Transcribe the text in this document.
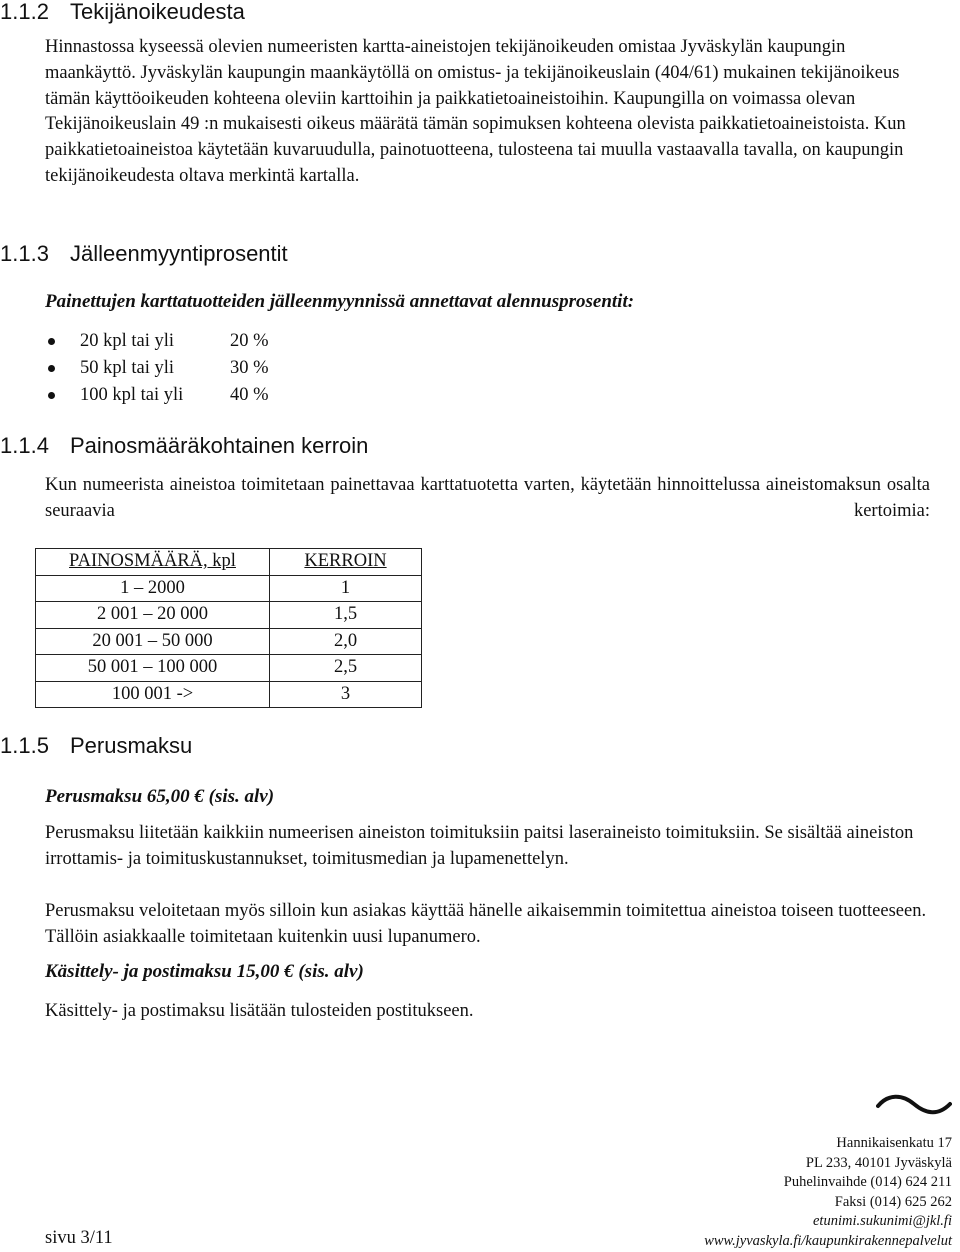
1.1.2 Tekijänoikeudesta

Hinnastossa kyseessä olevien numeeristen kartta-aineistojen tekijänoikeuden omistaa Jyväskylän kaupungin maankäyttö. Jyväskylän kaupungin maankäytöllä on omistus- ja tekijänoikeuslain (404/61) mukainen tekijänoikeus tämän käyttöoikeuden kohteena oleviin karttoihin ja paikkatietoaineistoihin. Kaupungilla on voimassa olevan Tekijänoikeuslain 49 :n mukaisesti oikeus määrätä tämän sopimuksen kohteena olevista paikkatietoaineistoista. Kun paikkatietoaineistoa käytetään kuvaruudulla, painotuotteena, tulosteena tai muulla vastaavalla tavalla, on kaupungin tekijänoikeudesta oltava merkintä kartalla.

1.1.3 Jälleenmyyntiprosentit

Painettujen karttatuotteiden jälleenmyynnissä annettavat alennusprosentit:

20 kpl tai yli	20 %
50 kpl tai yli	30 %
100 kpl tai yli	40 %
1.1.4 Painosmääräkohtainen kerroin

Kun numeerista aineistoa toimitetaan painettavaa karttatuotetta varten, käytetään hinnoittelussa aineistomaksun osalta seuraavia kertoimia:

PAINOSMÄÄRÄ, kpl	KERROIN
1 – 2000	1
2 001 – 20 000	1,5
20 001 – 50 000	2,0
50 001 – 100 000	2,5
100 001 ->	3
1.1.5 Perusmaksu

Perusmaksu 65,00 € (sis. alv)

Perusmaksu liitetään kaikkiin numeerisen aineiston toimituksiin paitsi laseraineisto toimituksiin. Se sisältää aineiston irrottamis- ja toimituskustannukset, toimitusmedian ja lupamenettelyn.

Perusmaksu veloitetaan myös silloin kun asiakas käyttää hänelle aikaisemmin toimitettua aineistoa toiseen tuotteeseen. Tällöin asiakkaalle toimitetaan kuitenkin uusi lupanumero.

Käsittely- ja postimaksu 15,00 € (sis. alv)

Käsittely- ja postimaksu lisätään tulosteiden postitukseen.

Hannikaisenkatu 17
PL 233, 40101 Jyväskylä
Puhelinvaihde (014) 624 211
Faksi (014) 625 262
etunimi.sukunimi@jkl.fi
sivu 3/11	www.jyvaskyla.fi/kaupunkirakennepalvelut
